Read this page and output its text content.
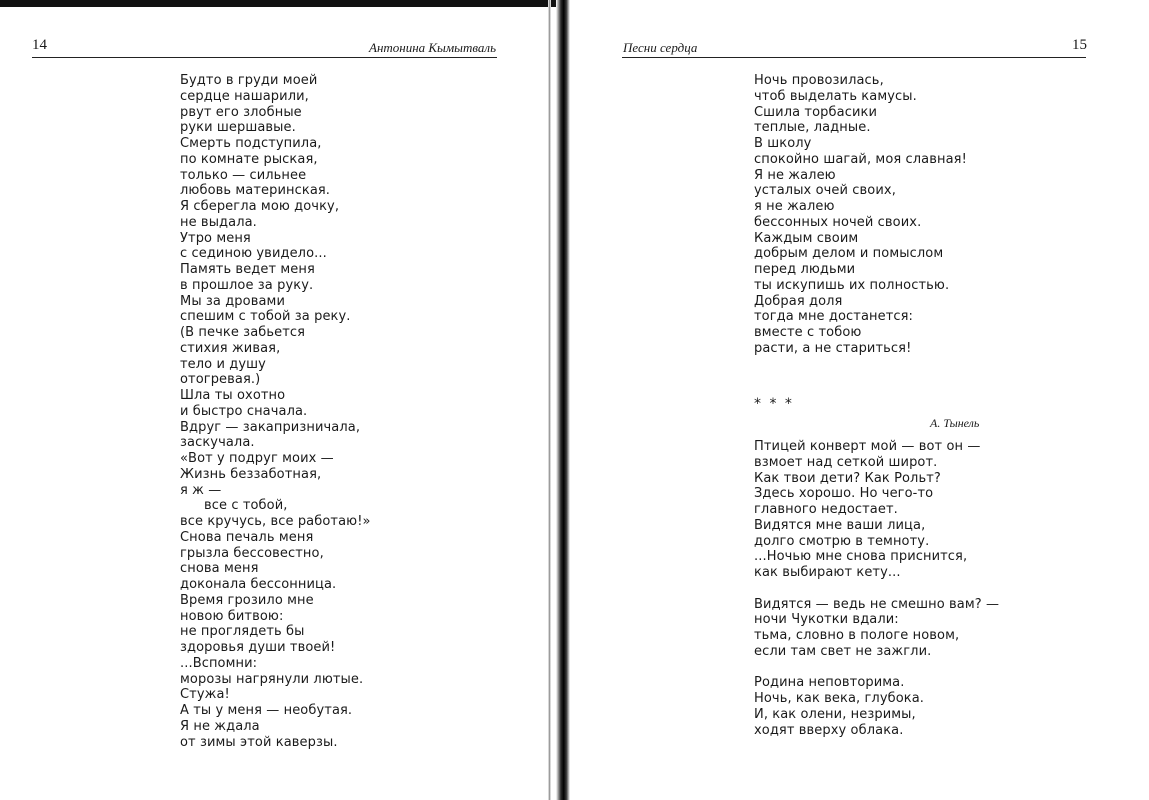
14	Антонина Кымытваль
Будто в груди моей
сердце нашарили,
рвут его злобные
руки шершавые.
Смерть подступила,
по комнате рыская,
только — сильнее
любовь материнская.
Я сберегла мою дочку,
не выдала.
Утро меня
с сединою увидело...
Память ведет меня
в прошлое за руку.
Мы за дровами
спешим с тобой за реку.
(В печке забьется
стихия живая,
тело и душу
отогревая.)
Шла ты охотно
и быстро сначала.
Вдруг — закапризничала,
заскучала.
«Вот у подруг моих —
Жизнь беззаботная,
я ж —
все с тобой,
все кручусь, все работаю!»
Снова печаль меня
грызла бессовестно,
снова меня
доконала бессонница.
Время грозило мне
новою битвою:
не проглядеть бы
здоровья души твоей!
...Вспомни:
морозы нагрянули лютые.
Стужа!
А ты у меня — необутая.
Я не ждала
от зимы этой каверзы.
Песни сердца	15
Ночь провозилась,
чтоб выделать камусы.
Сшила торбасики
теплые, ладные.
В школу
спокойно шагай, моя славная!
Я не жалею
усталых очей своих,
я не жалею
бессонных ночей своих.
Каждым своим
добрым делом и помыслом
перед людьми
ты искупишь их полностью.
Добрая доля
тогда мне достанется:
вместе с тобою
расти, а не стариться!
* * *
А. Тынель
Птицей конверт мой — вот он —
взмоет над сеткой широт.
Как твои дети? Как Рольт?
Здесь хорошо. Но чего-то
главного недостает.
Видятся мне ваши лица,
долго смотрю в темноту.
...Ночью мне снова приснится,
как выбирают кету...
Видятся — ведь не смешно вам? —
ночи Чукотки вдали:
тьма, словно в пологе новом,
если там свет не зажгли.
Родина неповторима.
Ночь, как века, глубока.
И, как олени, незримы,
ходят вверху облака.
